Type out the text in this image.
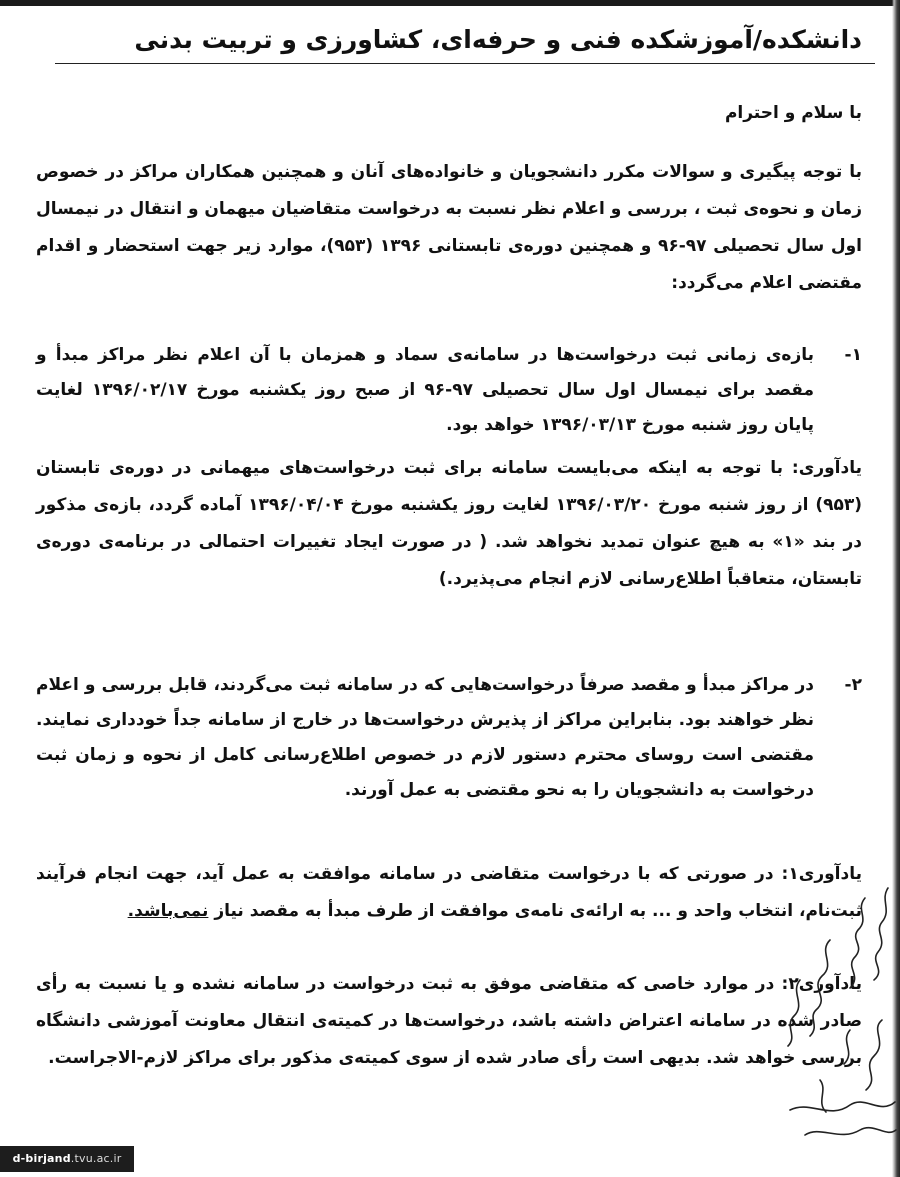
دانشکده/آموزشکده فنی و حرفه‌ای، کشاورزی و تربیت بدنی
با سلام و احترام
با توجه پیگیری و سوالات مکرر دانشجویان و خانواده‌های آنان و همچنین همکاران مراکز در خصوص زمان و نحوه‌ی ثبت ، بررسی و اعلام نظر نسبت به درخواست متقاضیان میهمان و انتقال در نیمسال اول سال تحصیلی ۹۷-۹۶ و همچنین دوره‌ی تابستانی ۱۳۹۶ (۹۵۳)، موارد زیر جهت استحضار و اقدام مقتضی اعلام می‌گردد:
۱-
بازه‌ی زمانی ثبت درخواست‌ها در سامانه‌ی سماد و همزمان با آن اعلام نظر مراکز مبدأ و مقصد برای نیمسال اول سال تحصیلی ۹۷-۹۶ از صبح روز یکشنبه مورخ ۱۳۹۶/۰۲/۱۷ لغایت پایان روز شنبه مورخ ۱۳۹۶/۰۳/۱۳ خواهد بود.
یادآوری: با توجه به اینکه می‌بایست سامانه برای ثبت درخواست‌های میهمانی در دوره‌ی تابستان (۹۵۳) از روز شنبه مورخ ۱۳۹۶/۰۳/۲۰ لغایت روز یکشنبه مورخ ۱۳۹۶/۰۴/۰۴ آماده گردد، بازه‌ی مذکور در بند «۱» به هیچ عنوان تمدید نخواهد شد. ( در صورت ایجاد تغییرات احتمالی در برنامه‌ی دوره‌ی تابستان، متعاقباً اطلاع‌رسانی لازم انجام می‌پذیرد.)
۲-
در مراکز مبدأ و مقصد صرفاً درخواست‌هایی که در سامانه ثبت می‌گردند، قابل بررسی و اعلام نظر خواهند بود. بنابراین مراکز از پذیرش درخواست‌ها در خارج از سامانه جداً خودداری نمایند. مقتضی است روسای محترم دستور لازم در خصوص اطلاع‌رسانی کامل از نحوه و زمان ثبت درخواست به دانشجویان را به نحو مقتضی به عمل آورند.
یادآوری۱: در صورتی که با درخواست متقاضی در سامانه موافقت به عمل آید، جهت انجام فرآیند ثبت‌نام، انتخاب واحد و ... به ارائه‌ی نامه‌ی موافقت از طرف مبدأ به مقصد نیاز نمی‌باشد.
یادآوری۲: در موارد خاصی که متقاضی موفق به ثبت درخواست در سامانه نشده و یا نسبت به رأی صادر شده در سامانه اعتراض داشته باشد، درخواست‌ها در کمیته‌ی انتقال معاونت آموزشی دانشگاه بررسی خواهد شد. بدیهی است رأی صادر شده از سوی کمیته‌ی مذکور برای مراکز لازم-الاجراست.
d-birjand.tvu.ac.ir
